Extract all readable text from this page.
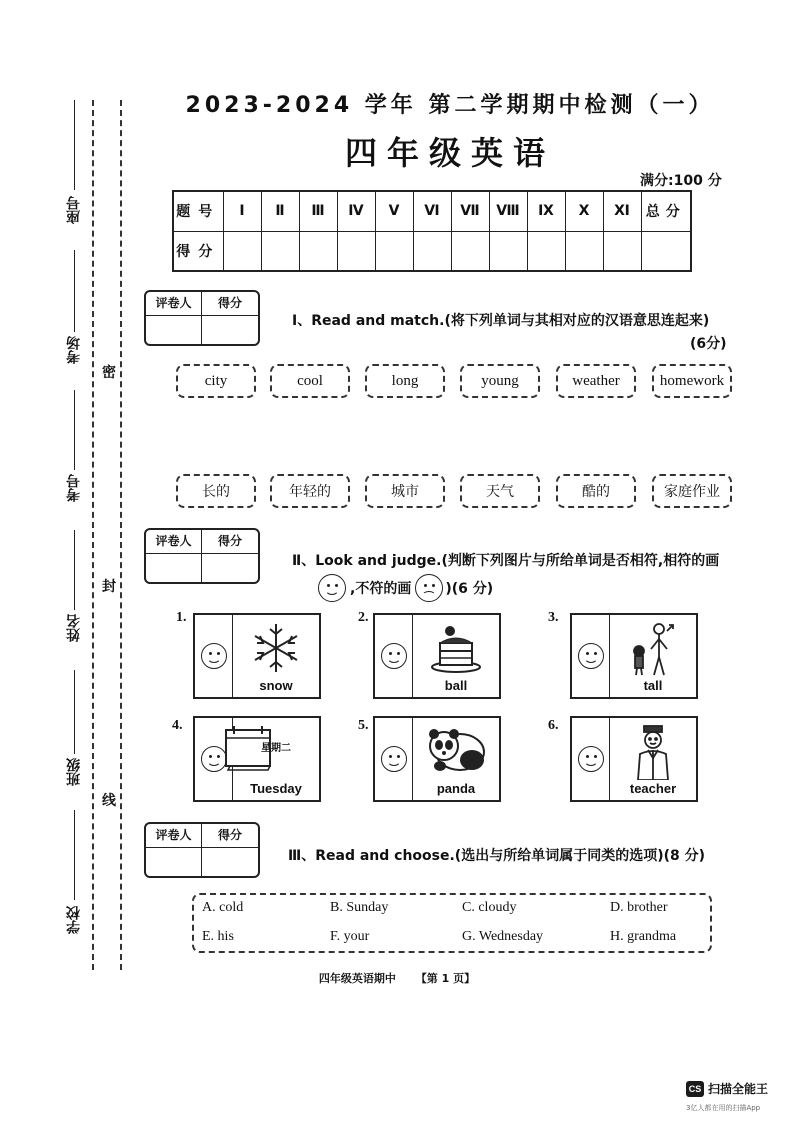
座号
考场
考号
姓名
班级
学校
密
封
线
2023-2024 学年 第二学期期中检测（一）
四年级英语
满分:100 分
题号	Ⅰ	Ⅱ	Ⅲ	Ⅳ	Ⅴ	Ⅵ	Ⅶ	Ⅷ	Ⅸ	Ⅹ	Ⅺ	总分
得分												
评卷人	得分
Ⅰ、Read and match.(将下列单词与其相对应的汉语意思连起来)
(6分)
city	cool	long	young	weather	homework
长的	年轻的	城市	天气	酷的	家庭作业
评卷人	得分
Ⅱ、Look and judge.(判断下列图片与所给单词是否相符,相符的画
,不符的画 )(6 分)
1.
snow
2.
ball
3.
tall
4.
星期二
Tuesday
5.
panda
6.
teacher
评卷人	得分
Ⅲ、Read and choose.(选出与所给单词属于同类的选项)(8 分)
A. cold	B. Sunday	C. cloudy	D. brother
E. his	F. your	G. Wednesday	H. grandma
四年级英语期中 【第 1 页】
CS 扫描全能王
3亿人都在用的扫描App
